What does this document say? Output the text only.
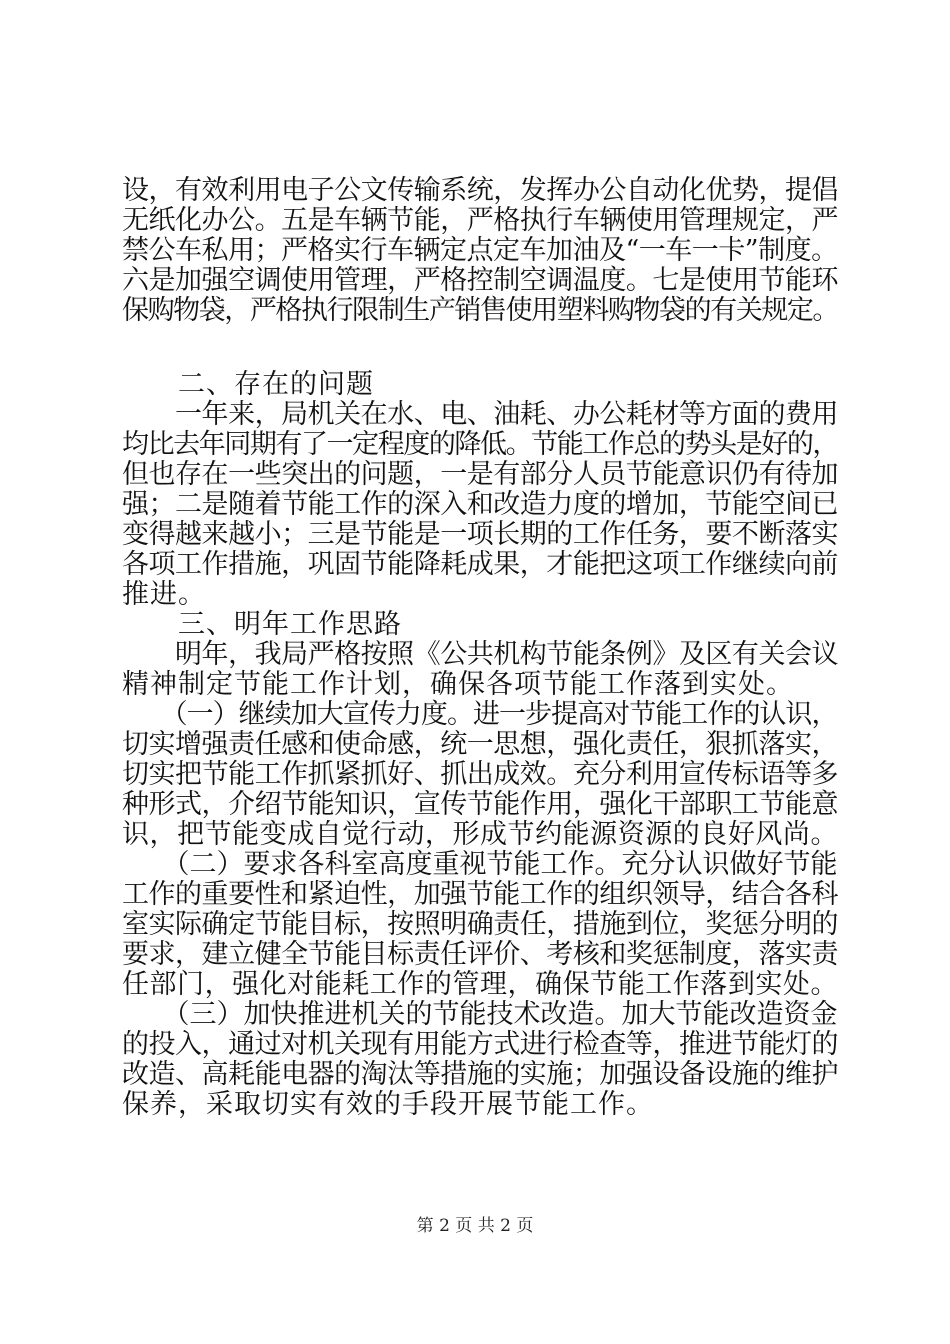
设，有效利用电子公文传输系统，发挥办公自动化优势，提倡
无纸化办公。五是车辆节能，严格执行车辆使用管理规定，严
禁公车私用；严格实行车辆定点定车加油及“一车一卡”制度。
六是加强空调使用管理，严格控制空调温度。七是使用节能环
保购物袋，严格执行限制生产销售使用塑料购物袋的有关规定。
　　二、存在的问题
　　一年来，局机关在水、电、油耗、办公耗材等方面的费用
均比去年同期有了一定程度的降低。节能工作总的势头是好的，
但也存在一些突出的问题，一是有部分人员节能意识仍有待加
强；二是随着节能工作的深入和改造力度的增加，节能空间已
变得越来越小；三是节能是一项长期的工作任务，要不断落实
各项工作措施，巩固节能降耗成果，才能把这项工作继续向前
推进。
　　三、明年工作思路
　　明年，我局严格按照《公共机构节能条例》及区有关会议
精神制定节能工作计划，确保各项节能工作落到实处。
　　（一）继续加大宣传力度。进一步提高对节能工作的认识，
切实增强责任感和使命感，统一思想，强化责任，狠抓落实，
切实把节能工作抓紧抓好、抓出成效。充分利用宣传标语等多
种形式，介绍节能知识，宣传节能作用，强化干部职工节能意
识，把节能变成自觉行动，形成节约能源资源的良好风尚。
　　（二）要求各科室高度重视节能工作。充分认识做好节能
工作的重要性和紧迫性，加强节能工作的组织领导，结合各科
室实际确定节能目标，按照明确责任，措施到位，奖惩分明的
要求，建立健全节能目标责任评价、考核和奖惩制度，落实责
任部门，强化对能耗工作的管理，确保节能工作落到实处。
　　（三）加快推进机关的节能技术改造。加大节能改造资金
的投入，通过对机关现有用能方式进行检查等，推进节能灯的
改造、高耗能电器的淘汰等措施的实施；加强设备设施的维护
保养，采取切实有效的手段开展节能工作。
第 2 页 共 2 页
